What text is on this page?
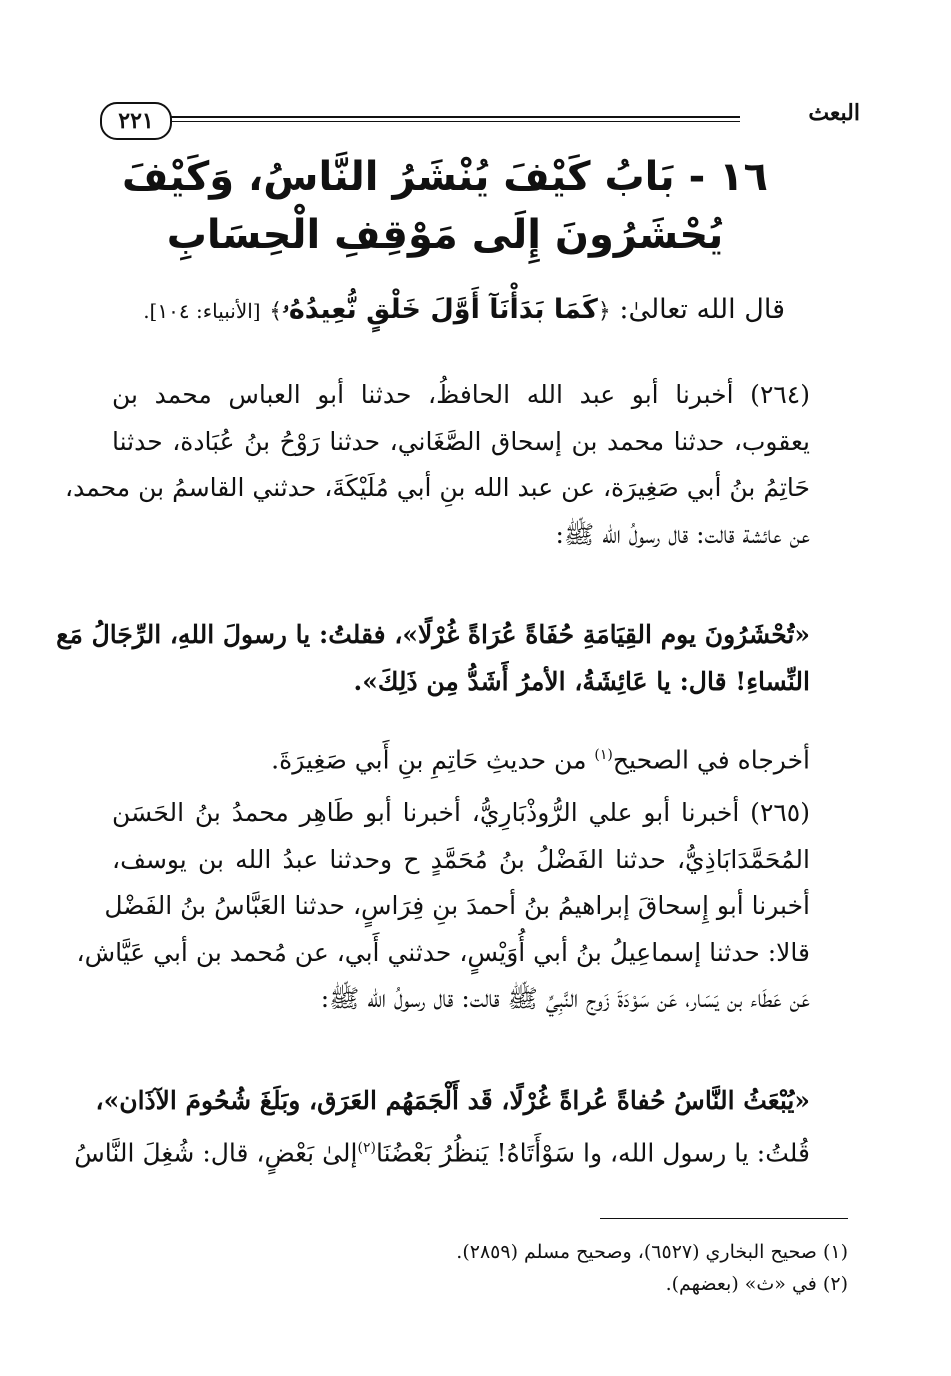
٢٢١	البعث
١٦ - بَابُ كَيْفَ يُنْشَرُ النَّاسُ، وَكَيْفَ
يُحْشَرُونَ إِلَى مَوْقِفِ الْحِسَابِ
قال الله تعالىٰ: ﴿كَمَا بَدَأْنَآ أَوَّلَ خَلْقٍ نُّعِيدُهُۥ﴾ [الأنبياء: ١٠٤].
(٢٦٤) أخبرنا أبو عبد الله الحافظُ، حدثنا أبو العباس محمد بن
يعقوب، حدثنا محمد بن إسحاق الصَّغَاني، حدثنا رَوْحُ بنُ عُبَادة، حدثنا
حَاتِمُ بنُ أبي صَغِيرَة، عن عبد الله بنِ أبي مُلَيْكَةَ، حدثني القاسمُ بن محمد،
عن عائشة قالت: قال رسولُ الله ﷺ:
«تُحْشَرُونَ يوم القِيَامَةِ حُفَاةً عُرَاةً غُرْلًا»، فقلتُ: يا رسولَ اللهِ، الرِّجَالُ مَع
النِّساءِ! قال: يا عَائِشَةُ، الأمرُ أَشَدُّ مِن ذَلِكَ».
أخرجاه في الصحيح$^{(١)}$ من حديثِ حَاتِمِ بنِ أَبي صَغِيرَةَ.
(٢٦٥) أخبرنا أبو علي الرُّوذْبَارِيُّ، أخبرنا أبو طَاهِر محمدُ بنُ الحَسَن
المُحَمَّدَابَاذِيُّ، حدثنا الفَضْلُ بنُ مُحَمَّدٍ ح وحدثنا عبدُ الله بن يوسف،
أخبرنا أبو إِسحاقَ إبراهيمُ بنُ أحمدَ بنِ فِرَاسٍ، حدثنا العَبَّاسُ بنُ الفَضْل
قالا: حدثنا إسماعِيلُ بنُ أبي أُوَيْسٍ، حدثني أَبي، عن مُحمد بن أبي عَيَّاش،
عَن عَطَاء بن يَسَار، عَن سَوْدَةَ زَوج النَّبِيِّ ﷺ قالت: قال رسولُ الله ﷺ:
«يُبْعَثُ النَّاسُ حُفاةً عُراةً غُرْلًا، قَد أَلْجَمَهُم العَرَق، وبَلَغَ شُحُومَ الآذَان»،
قُلتُ: يا رسول الله، وا سَوْأَتَاهُ! يَنظُرُ بَعْضُنَا$^{(٢)}$إلىٰ بَعْضٍ، قال: شُغِلَ النَّاسُ
(١) صحيح البخاري (٦٥٢٧)، وصحيح مسلم (٢٨٥٩).
(٢) في «ث» (بعضهم).
